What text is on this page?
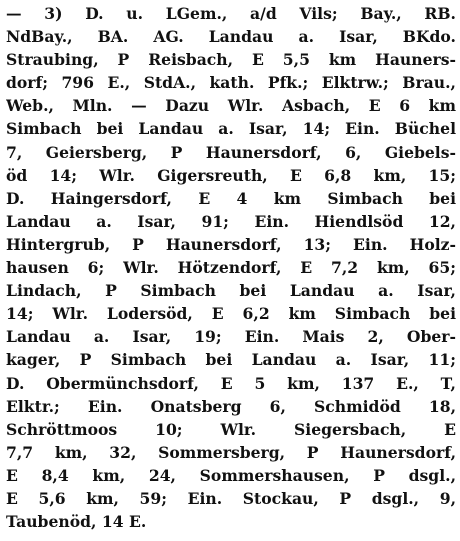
— 3) D. u. LGem., a/d Vils; Bay., RB.
NdBay., BA. AG. Landau a. Isar, BKdo.
Straubing, P Reisbach, E 5,5 km Hauners-
dorf; 796 E., StdA., kath. Pfk.; Elktrw.; Brau.,
Web., Mln. — Dazu Wlr. Asbach, E 6 km
Simbach bei Landau a. Isar, 14; Ein. Büchel
7, Geiersberg, P Haunersdorf, 6, Giebels-
öd 14; Wlr. Gigersreuth, E 6,8 km, 15;
D. Haingersdorf, E 4 km Simbach bei
Landau a. Isar, 91; Ein. Hiendlsöd 12,
Hintergrub, P Haunersdorf, 13; Ein. Holz-
hausen 6; Wlr. Hötzendorf, E 7,2 km, 65;
Lindach, P Simbach bei Landau a. Isar,
14; Wlr. Lodersöd, E 6,2 km Simbach bei
Landau a. Isar, 19; Ein. Mais 2, Ober-
kager, P Simbach bei Landau a. Isar, 11;
D. Obermünchsdorf, E 5 km, 137 E., T,
Elktr.; Ein. Onatsberg 6, Schmidöd 18,
Schröttmoos 10; Wlr. Siegersbach, E
7,7 km, 32, Sommersberg, P Haunersdorf,
E 8,4 km, 24, Sommershausen, P dsgl.,
E 5,6 km, 59; Ein. Stockau, P dsgl., 9,
Taubenöd, 14 E.
